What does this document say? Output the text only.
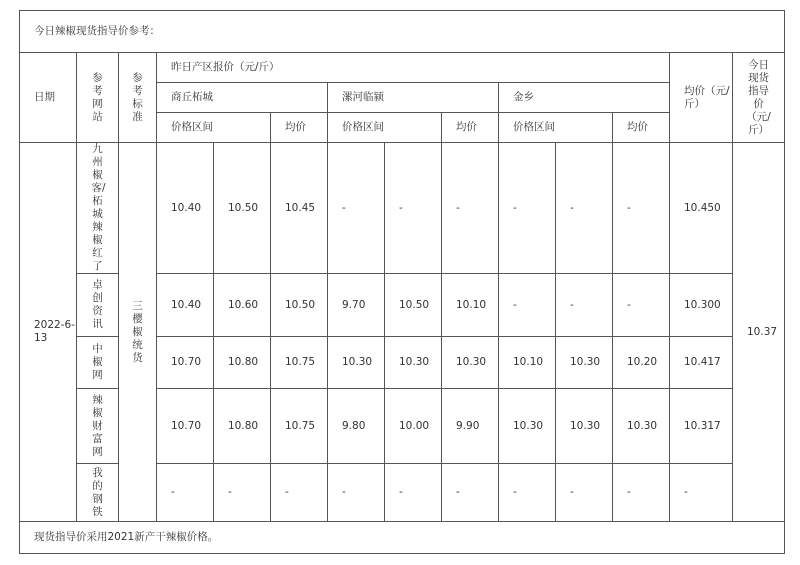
今日辣椒现货指导价参考：													
日期	参考网站	参考标准	昨日产区报价（元/斤）									均价（元/斤）	今日现货指导价（元/斤）
			商丘柘城			漯河临颍			金乡				
			价格区间		均价	价格区间		均价	价格区间		均价		
2022-6-13	九州椒客/柘城辣椒红了	三樱椒统货	10.40	10.50	10.45	-	-	-	-	-	-	10.450	10.37
	卓创资讯		10.40	10.60	10.50	9.70	10.50	10.10	-	-	-	10.300	
	中椒网		10.70	10.80	10.75	10.30	10.30	10.30	10.10	10.30	10.20	10.417	
	辣椒财富网		10.70	10.80	10.75	9.80	10.00	9.90	10.30	10.30	10.30	10.317	
	我的钢铁		-	-	-	-	-	-	-	-	-	-	
现货指导价采用2021新产干辣椒价格。													
